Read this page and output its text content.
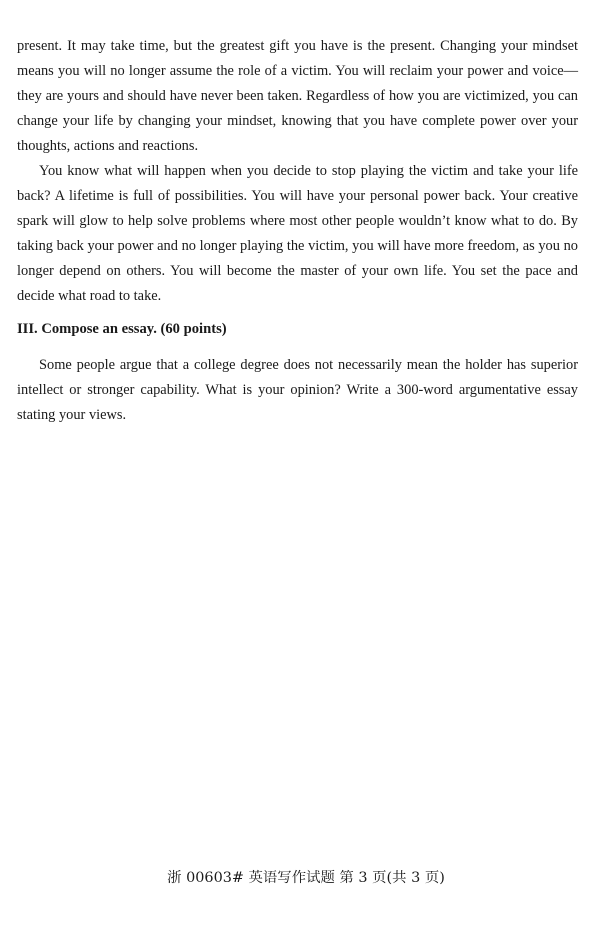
present. It may take time, but the greatest gift you have is the present. Changing your mindset means you will no longer assume the role of a victim. You will reclaim your power and voice—they are yours and should have never been taken. Regardless of how you are victimized, you can change your life by changing your mindset, knowing that you have complete power over your thoughts, actions and reactions.

You know what will happen when you decide to stop playing the victim and take your life back? A lifetime is full of possibilities. You will have your personal power back. Your creative spark will glow to help solve problems where most other people wouldn’t know what to do. By taking back your power and no longer playing the victim, you will have more freedom, as you no longer depend on others. You will become the master of your own life. You set the pace and decide what road to take.

III. Compose an essay. (60 points)

Some people argue that a college degree does not necessarily mean the holder has superior intellect or stronger capability. What is your opinion? Write a 300-word argumentative essay stating your views.

浙 00603# 英语写作试题 第 3 页(共 3 页)
